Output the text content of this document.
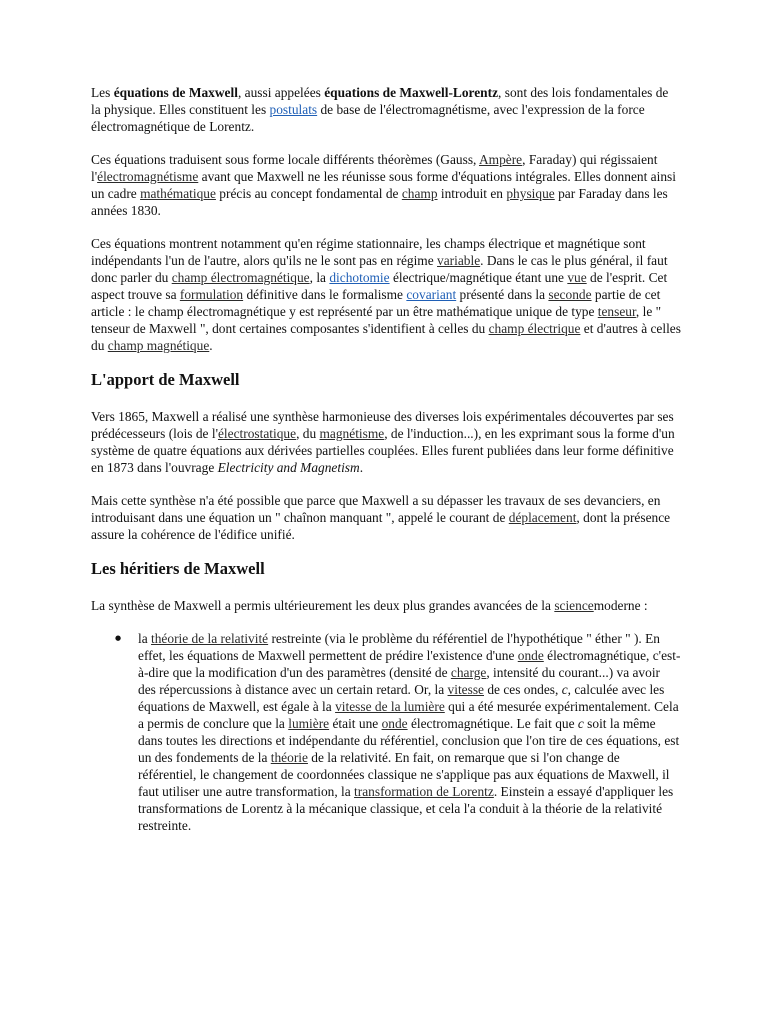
Les équations de Maxwell, aussi appelées équations de Maxwell-Lorentz, sont des lois fondamentales de la physique. Elles constituent les postulats de base de l'électromagnétisme, avec l'expression de la force électromagnétique de Lorentz.

Ces équations traduisent sous forme locale différents théorèmes (Gauss, Ampère, Faraday) qui régissaient l'électromagnétisme avant que Maxwell ne les réunisse sous forme d'équations intégrales. Elles donnent ainsi un cadre mathématique précis au concept fondamental de champ introduit en physique par Faraday dans les années 1830.

Ces équations montrent notamment qu'en régime stationnaire, les champs électrique et magnétique sont indépendants l'un de l'autre, alors qu'ils ne le sont pas en régime variable. Dans le cas le plus général, il faut donc parler du champ électromagnétique, la dichotomie électrique/magnétique étant une vue de l'esprit. Cet aspect trouve sa formulation définitive dans le formalisme covariant présenté dans la seconde partie de cet article : le champ électromagnétique y est représenté par un être mathématique unique de type tenseur, le " tenseur de Maxwell ", dont certaines composantes s'identifient à celles du champ électrique et d'autres à celles du champ magnétique.

L'apport de Maxwell

Vers 1865, Maxwell a réalisé une synthèse harmonieuse des diverses lois expérimentales découvertes par ses prédécesseurs (lois de l'électrostatique, du magnétisme, de l'induction...), en les exprimant sous la forme d'un système de quatre équations aux dérivées partielles couplées. Elles furent publiées dans leur forme définitive en 1873 dans l'ouvrage Electricity and Magnetism.

Mais cette synthèse n'a été possible que parce que Maxwell a su dépasser les travaux de ses devanciers, en introduisant dans une équation un " chaînon manquant ", appelé le courant de déplacement, dont la présence assure la cohérence de l'édifice unifié.

Les héritiers de Maxwell

La synthèse de Maxwell a permis ultérieurement les deux plus grandes avancées de la sciencemoderne :

● la théorie de la relativité restreinte (via le problème du référentiel de l'hypothétique " éther " ). En effet, les équations de Maxwell permettent de prédire l'existence d'une onde électromagnétique, c'est-à-dire que la modification d'un des paramètres (densité de charge, intensité du courant...) va avoir des répercussions à distance avec un certain retard. Or, la vitesse de ces ondes, c, calculée avec les équations de Maxwell, est égale à la vitesse de la lumière qui a été mesurée expérimentalement. Cela a permis de conclure que la lumière était une onde électromagnétique. Le fait que c soit la même dans toutes les directions et indépendante du référentiel, conclusion que l'on tire de ces équations, est un des fondements de la théorie de la relativité. En fait, on remarque que si l'on change de référentiel, le changement de coordonnées classique ne s'applique pas aux équations de Maxwell, il faut utiliser une autre transformation, la transformation de Lorentz. Einstein a essayé d'appliquer les transformations de Lorentz à la mécanique classique, et cela l'a conduit à la théorie de la relativité restreinte.
